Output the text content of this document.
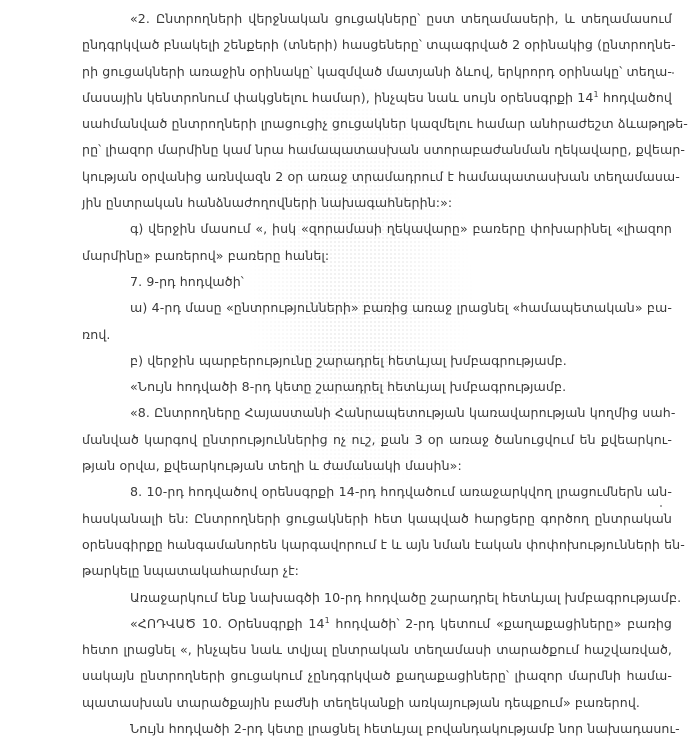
«2. Ընտրողների վերջնական ցուցակները՝ ըստ տեղամասերի, և տեղամասում
ընդգրկված բնակելի շենքերի (տների) հասցեները՝ տպագրված 2 օրինակից (ընտրողնե-
րի ցուցակների առաջին օրինակը՝ կազմված մատյանի ձևով, երկրորդ օրինակը՝ տեղա-
մասային կենտրոնում փակցնելու համար), ինչպես նաև սույն օրենսգրքի $14^1$ հոդվածով
սահմանված ընտրողների լրացուցիչ ցուցակներ կազմելու համար անհրաժեշտ ձևաթղթե-
րը՝ լիազոր մարմինը կամ նրա համապատասխան ստորաբաժանման ղեկավարը, քվեար-
կության օրվանից առնվազն 2 օր առաջ տրամադրում է համապատասխան տեղամասա-
յին ընտրական հանձնաժողովների նախագահներին:»:
գ) վերջին մասում «, իսկ «զորամասի ղեկավարը» բառերը փոխարինել «լիազոր
մարմինը» բառերով» բառերը հանել:
7. 9-րդ հոդվածի՝
ա) 4-րդ մասը «ընտրությունների» բառից առաջ լրացնել «համապետական» բա-
ռով.
բ) վերջին պարբերությունը շարադրել հետևյալ խմբագրությամբ.
«Նույն հոդվածի 8-րդ կետը շարադրել հետևյալ խմբագրությամբ.
«8. Ընտրողները Հայաստանի Հանրապետության կառավարության կողմից սահ-
մանված կարգով ընտրություններից ոչ ուշ, քան 3 օր առաջ ծանուցվում են քվեարկու-
թյան օրվա, քվեարկության տեղի և ժամանակի մասին»:
8. 10-րդ հոդվածով օրենսգրքի 14-րդ հոդվածում առաջարկվող լրացումներն ան-
հասկանալի են: Ընտրողների ցուցակների հետ կապված հարցերը գործող ընտրական
օրենսգիրքը հանգամանորեն կարգավորում է և այն նման էական փոփոխությունների են-
թարկելը նպատակահարմար չէ:
Առաջարկում ենք նախագծի 10-րդ հոդվածը շարադրել հետևյալ խմբագրությամբ.
«ՀՈԴՎԱԾ 10. Օրենսգրքի $14^1$ հոդվածի՝ 2-րդ կետում «քաղաքացիները» բառից
հետո լրացնել «, ինչպես նաև տվյալ ընտրական տեղամասի տարածքում հաշվառված,
սակայն ընտրողների ցուցակում չընդգրկված քաղաքացիները՝ լիազոր մարմնի համա-
պատասխան տարածքային բաժնի տեղեկանքի առկայության դեպքում» բառերով.
Նույն հոդվածի 2-րդ կետը լրացնել հետևյալ բովանդակությամբ նոր նախադասու-
